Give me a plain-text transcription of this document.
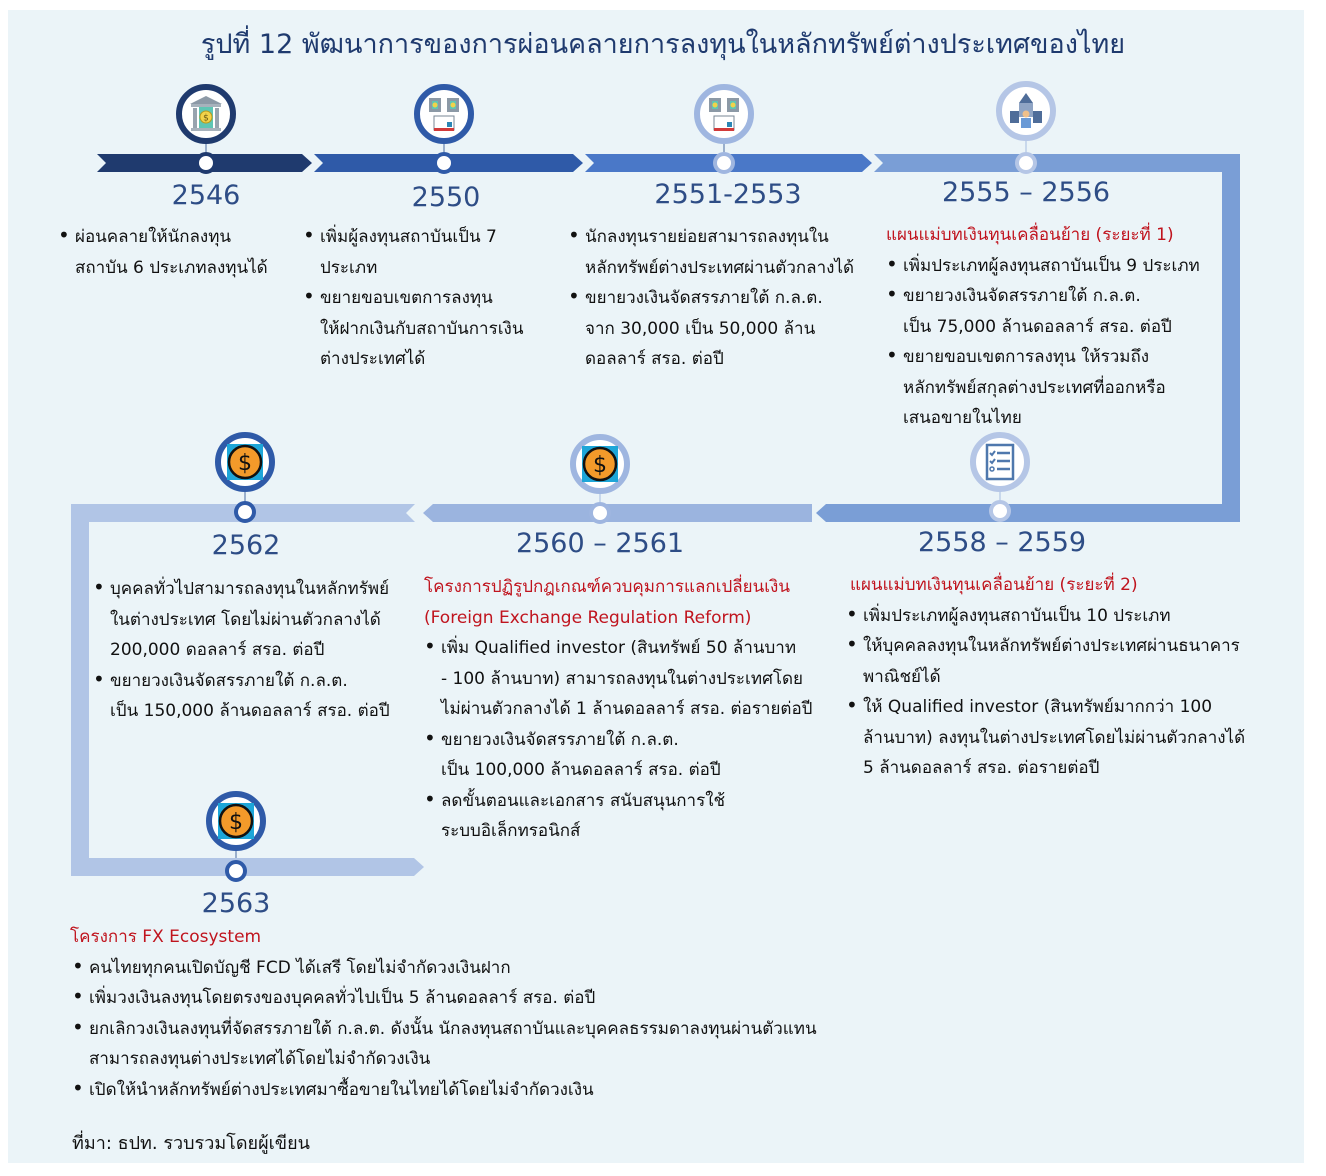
รูปที่ 12 พัฒนาการของการผ่อนคลายการลงทุนในหลักทรัพย์ต่างประเทศของไทย
$
$
$
$
2546	2550	2551-2553	2555 – 2556
2558 – 2559
2560 – 2561
2562
2563
• ผ่อนคลายให้นักลงทุน
สถาบัน 6 ประเภทลงทุนได้
• เพิ่มผู้ลงทุนสถาบันเป็น 7
ประเภท
• ขยายขอบเขตการลงทุน
ให้ฝากเงินกับสถาบันการเงิน
ต่างประเทศได้
• นักลงทุนรายย่อยสามารถลงทุนใน
หลักทรัพย์ต่างประเทศผ่านตัวกลางได้
• ขยายวงเงินจัดสรรภายใต้ ก.ล.ต.
จาก 30,000 เป็น 50,000 ล้าน
ดอลลาร์ สรอ. ต่อปี
แผนแม่บทเงินทุนเคลื่อนย้าย (ระยะที่ 1)
• เพิ่มประเภทผู้ลงทุนสถาบันเป็น 9 ประเภท
• ขยายวงเงินจัดสรรภายใต้ ก.ล.ต.
เป็น 75,000 ล้านดอลลาร์ สรอ. ต่อปี
• ขยายขอบเขตการลงทุน ให้รวมถึง
หลักทรัพย์สกุลต่างประเทศที่ออกหรือ
เสนอขายในไทย
• บุคคลทั่วไปสามารถลงทุนในหลักทรัพย์
ในต่างประเทศ โดยไม่ผ่านตัวกลางได้
200,000 ดอลลาร์ สรอ. ต่อปี
• ขยายวงเงินจัดสรรภายใต้ ก.ล.ต.
เป็น 150,000 ล้านดอลลาร์ สรอ. ต่อปี
โครงการปฏิรูปกฎเกณฑ์ควบคุมการแลกเปลี่ยนเงิน
(Foreign Exchange Regulation Reform)
• เพิ่ม Qualified investor (สินทรัพย์ 50 ล้านบาท
- 100 ล้านบาท) สามารถลงทุนในต่างประเทศโดย
ไม่ผ่านตัวกลางได้ 1 ล้านดอลลาร์ สรอ. ต่อรายต่อปี
• ขยายวงเงินจัดสรรภายใต้ ก.ล.ต.
เป็น 100,000 ล้านดอลลาร์ สรอ. ต่อปี
• ลดขั้นตอนและเอกสาร สนับสนุนการใช้
ระบบอิเล็กทรอนิกส์
แผนแม่บทเงินทุนเคลื่อนย้าย (ระยะที่ 2)
• เพิ่มประเภทผู้ลงทุนสถาบันเป็น 10 ประเภท
• ให้บุคคลลงทุนในหลักทรัพย์ต่างประเทศผ่านธนาคาร
พาณิชย์ได้
• ให้ Qualified investor (สินทรัพย์มากกว่า 100
ล้านบาท) ลงทุนในต่างประเทศโดยไม่ผ่านตัวกลางได้
5 ล้านดอลลาร์ สรอ. ต่อรายต่อปี
โครงการ FX Ecosystem
• คนไทยทุกคนเปิดบัญชี FCD ได้เสรี โดยไม่จำกัดวงเงินฝาก
• เพิ่มวงเงินลงทุนโดยตรงของบุคคลทั่วไปเป็น 5 ล้านดอลลาร์ สรอ. ต่อปี
• ยกเลิกวงเงินลงทุนที่จัดสรรภายใต้ ก.ล.ต. ดังนั้น นักลงทุนสถาบันและบุคคลธรรมดาลงทุนผ่านตัวแทน
สามารถลงทุนต่างประเทศได้โดยไม่จำกัดวงเงิน
• เปิดให้นำหลักทรัพย์ต่างประเทศมาซื้อขายในไทยได้โดยไม่จำกัดวงเงิน
ที่มา: ธปท. รวบรวมโดยผู้เขียน
